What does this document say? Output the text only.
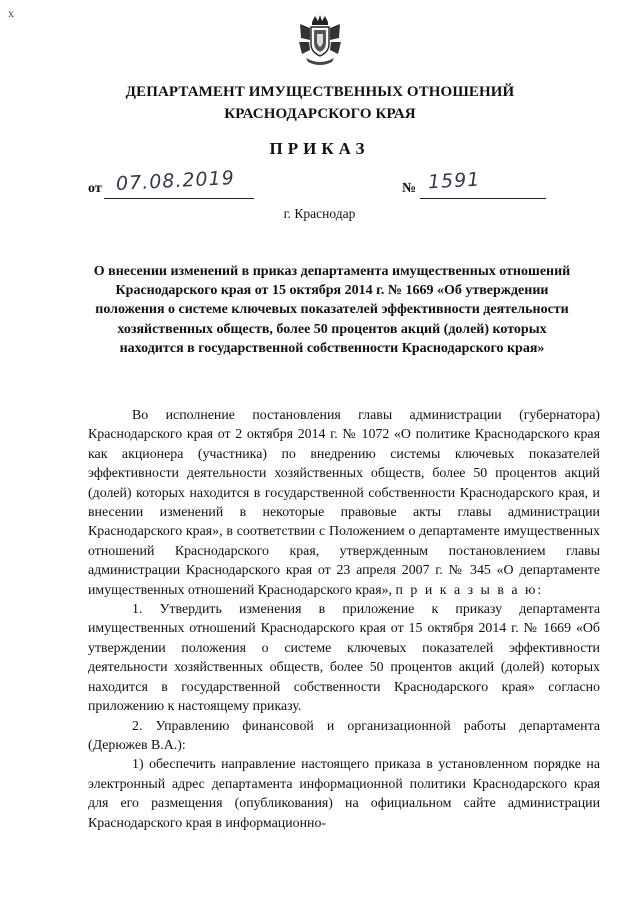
х
ДЕПАРТАМЕНТ ИМУЩЕСТВЕННЫХ ОТНОШЕНИЙ
КРАСНОДАРСКОГО КРАЯ
ПРИКАЗ
от 07.08.2019	№ 1591
г. Краснодар
О внесении изменений в приказ департамента имущественных отношений Краснодарского края от 15 октября 2014 г. № 1669 «Об утверждении положения о системе ключевых показателей эффективности деятельности хозяйственных обществ, более 50 процентов акций (долей) которых находится в государственной собственности Краснодарского края»

Во исполнение постановления главы администрации (губернатора) Краснодарского края от 2 октября 2014 г. № 1072 «О политике Краснодарского края как акционера (участника) по внедрению системы ключевых показателей эффективности деятельности хозяйственных обществ, более 50 процентов акций (долей) которых находится в государственной собственности Краснодарского края, и внесении изменений в некоторые правовые акты главы администрации Краснодарского края», в соответствии с Положением о департаменте имущественных отношений Краснодарского края, утвержденным постановлением главы администрации Краснодарского края от 23 апреля 2007 г. № 345 «О департаменте имущественных отношений Краснодарского края», п р и к а з ы в а ю:

1. Утвердить изменения в приложение к приказу департамента имущественных отношений Краснодарского края от 15 октября 2014 г. № 1669 «Об утверждении положения о системе ключевых показателей эффективности деятельности хозяйственных обществ, более 50 процентов акций (долей) которых находится в государственной собственности Краснодарского края» согласно приложению к настоящему приказу.

2. Управлению финансовой и организационной работы департамента (Дерюжев В.А.):

1) обеспечить направление настоящего приказа в установленном порядке на электронный адрес департамента информационной политики Краснодарского края для его размещения (опубликования) на официальном сайте администрации Краснодарского края в информационно-

·
